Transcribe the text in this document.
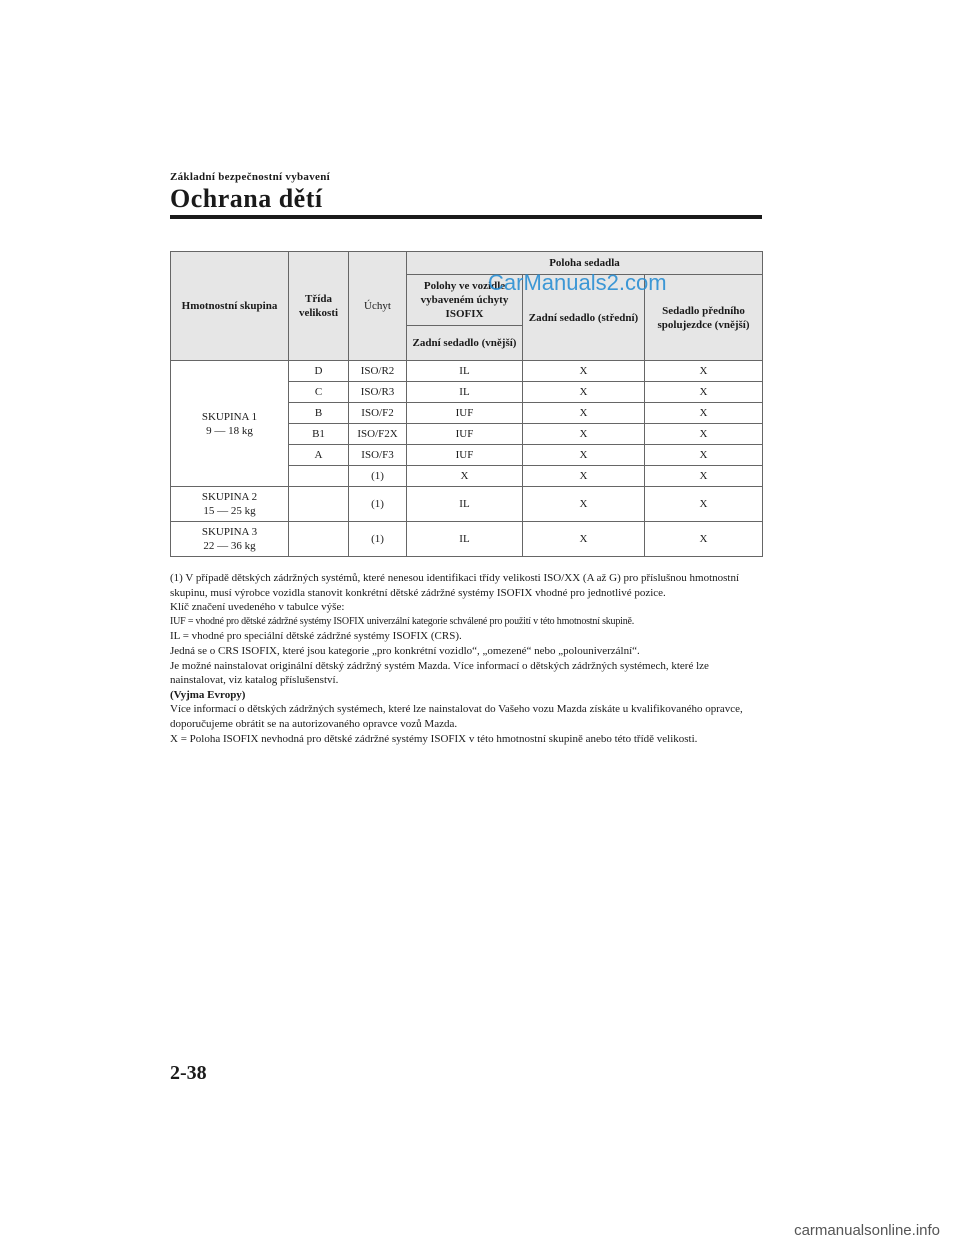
Základní bezpečnostní vybavení
Ochrana dětí
Hmotnostní skupina	Třída velikosti	Úchyt	Poloha sedadla		
			Polohy ve vozidle vybaveném úchyty ISOFIX	Zadní sedadlo (střední)	Sedadlo předního spolujezdce (vnější)
			Zadní sedadlo (vnější)		

SKUPINA 1
9 — 18 kg	D	ISO/R2	IL	X	X
	C	ISO/R3	IL	X	X
	B	ISO/F2	IUF	X	X
	B1	ISO/F2X	IUF	X	X
	A	ISO/F3	IUF	X	X
		(1)	X	X	X

SKUPINA 2
15 — 25 kg		(1)	IL	X	X

SKUPINA 3
22 — 36 kg		(1)	IL	X	X
CarManuals2.com

(1) V případě dětských zádržných systémů, které nenesou identifikaci třídy velikosti ISO/XX (A až G) pro příslušnou hmotnostní skupinu, musí výrobce vozidla stanovit konkrétní dětské zádržné systémy ISOFIX vhodné pro jednotlivé pozice.

Klíč značení uvedeného v tabulce výše:

IUF = vhodné pro dětské zádržné systémy ISOFIX univerzální kategorie schválené pro použití v této hmotnostní skupině.

IL = vhodné pro speciální dětské zádržné systémy ISOFIX (CRS).

Jedná se o CRS ISOFIX, které jsou kategorie „pro konkrétní vozidlo“, „omezené“ nebo „polouniverzální“.

Je možné nainstalovat originální dětský zádržný systém Mazda. Více informací o dětských zádržných systémech, které lze nainstalovat, viz katalog příslušenství.

(Vyjma Evropy)

Více informací o dětských zádržných systémech, které lze nainstalovat do Vašeho vozu Mazda získáte u kvalifikovaného opravce, doporučujeme obrátit se na autorizovaného opravce vozů Mazda.

X = Poloha ISOFIX nevhodná pro dětské zádržné systémy ISOFIX v této hmotnostní skupině anebo této třídě velikosti.

2-38
carmanualsonline.info
